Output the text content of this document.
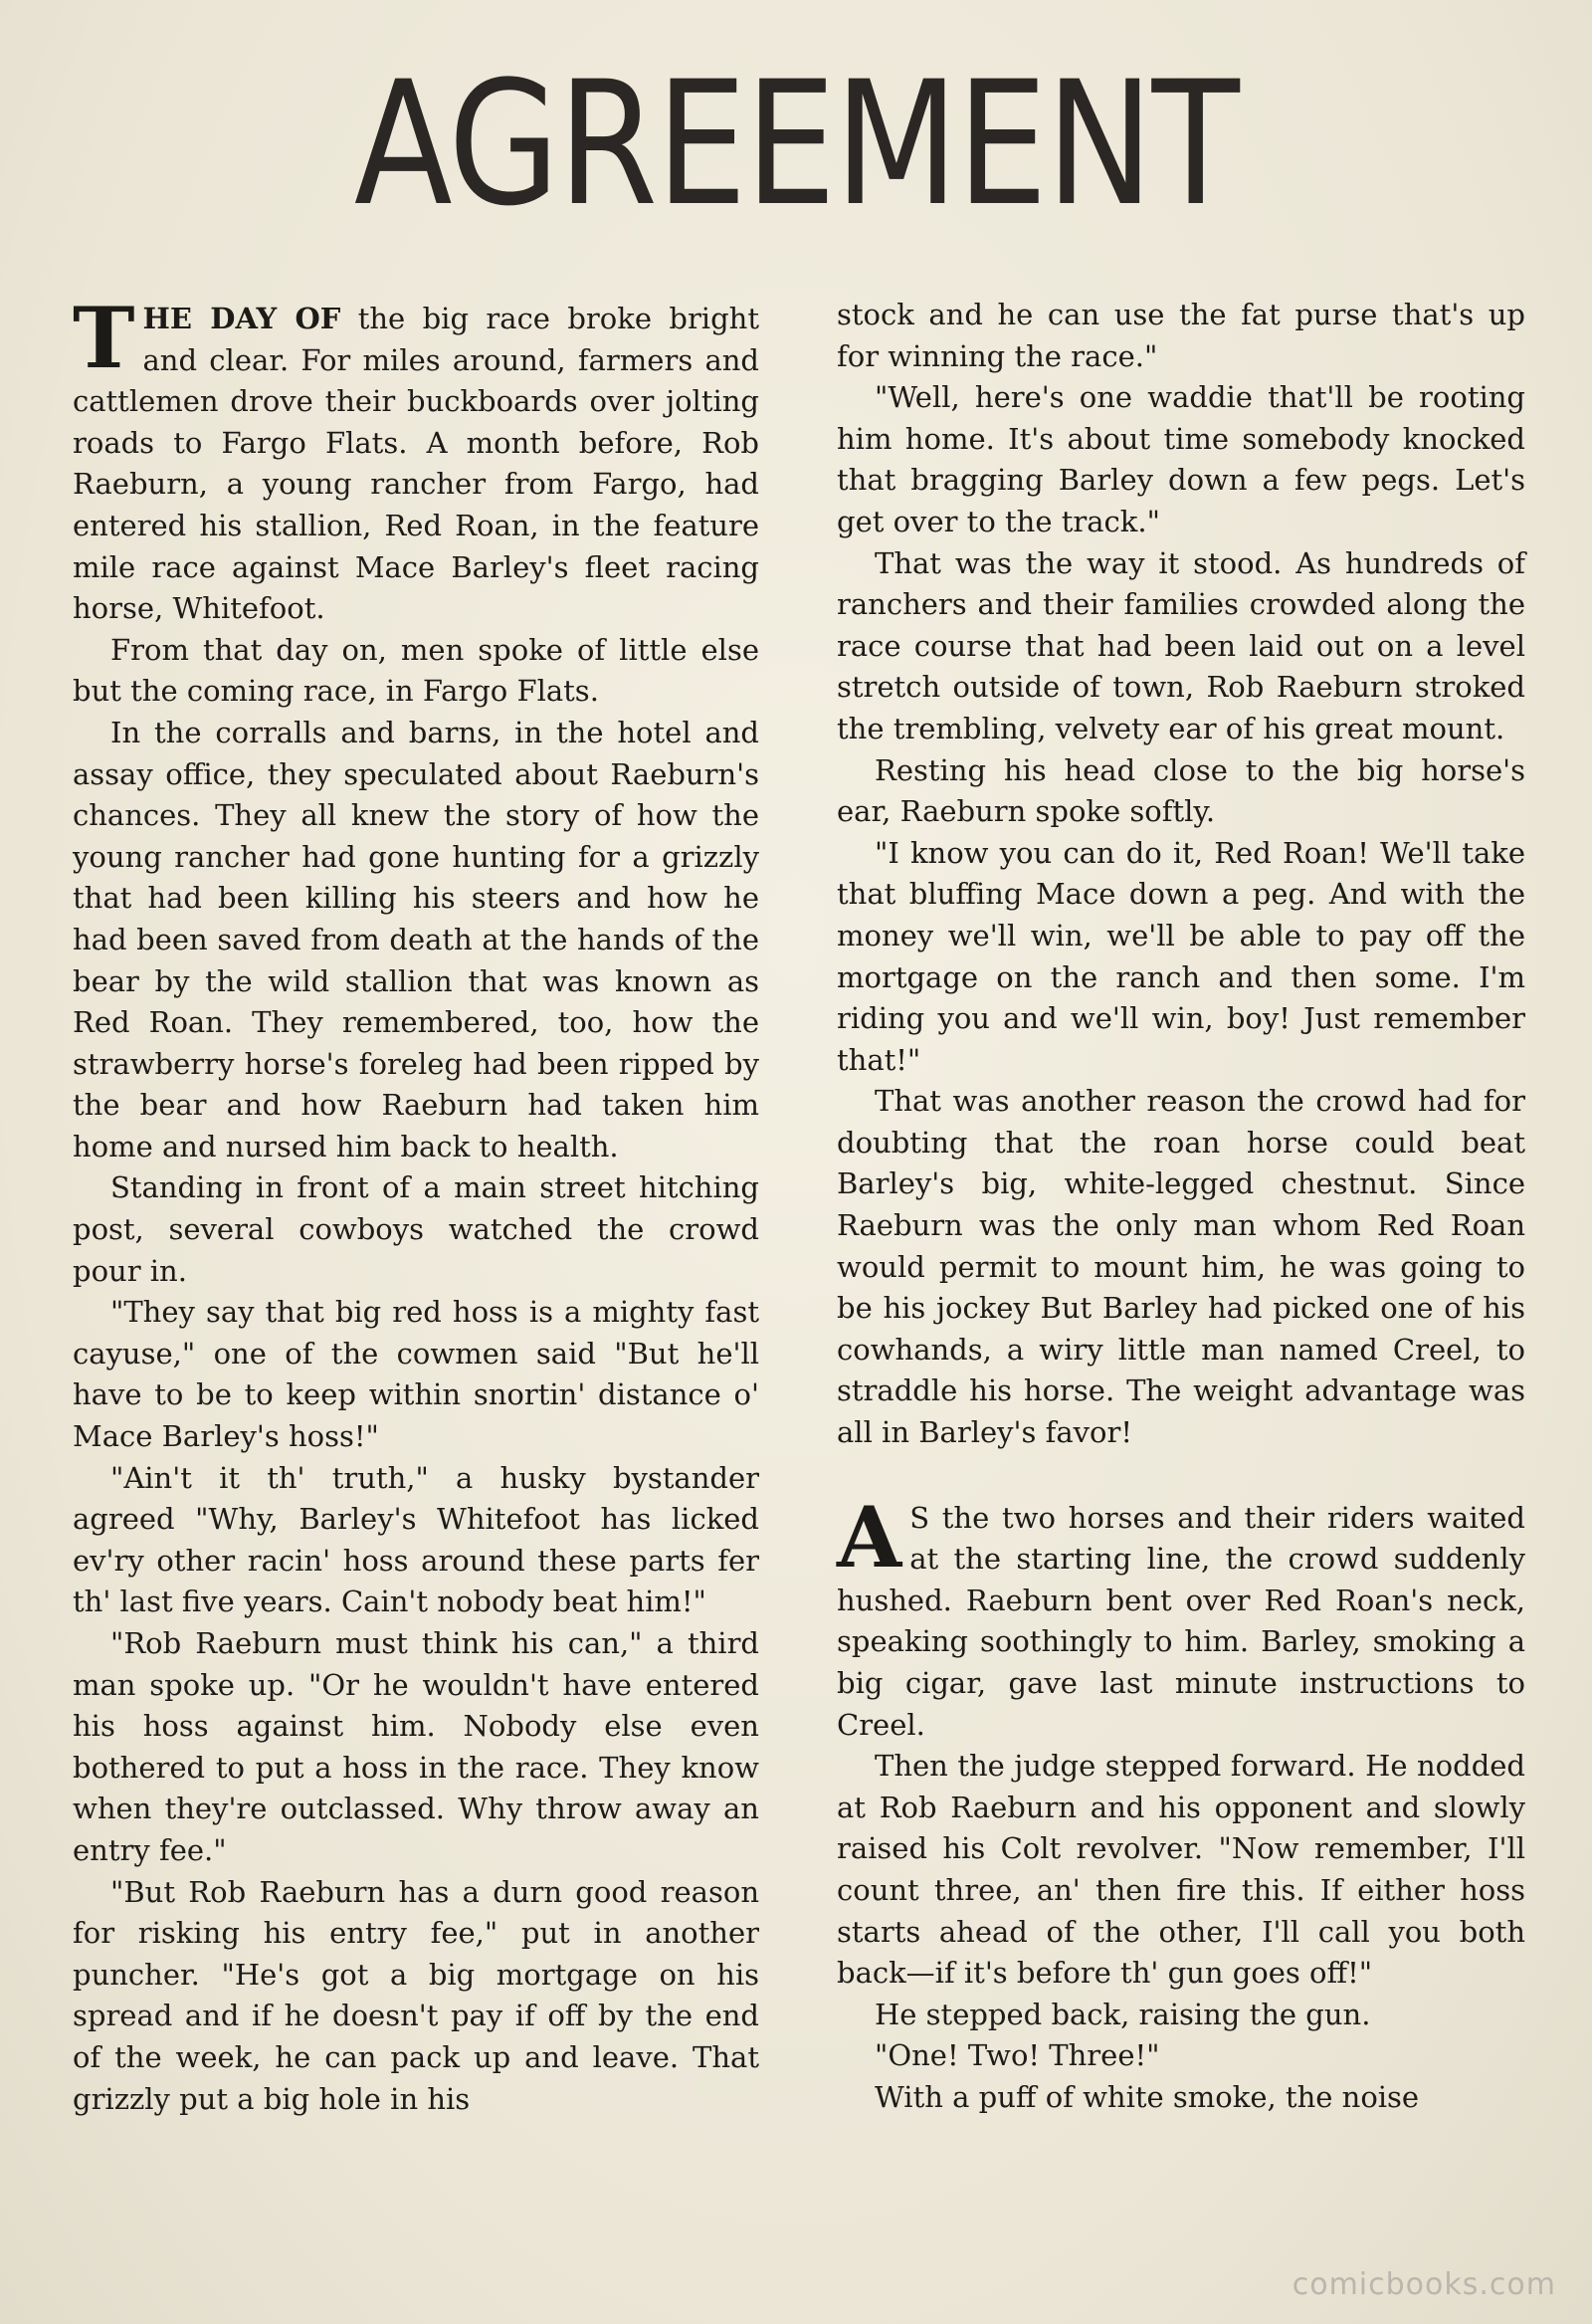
AGREEMENT

THE DAY OF the big race broke bright and clear. For miles around, farmers and cattlemen drove their buckboards over jolting roads to Fargo Flats. A month before, Rob Raeburn, a young rancher from Fargo, had entered his stallion, Red Roan, in the feature mile race against Mace Barley's fleet racing horse, Whitefoot.

From that day on, men spoke of little else but the coming race, in Fargo Flats.

In the corralls and barns, in the hotel and assay office, they speculated about Raeburn's chances. They all knew the story of how the young rancher had gone hunting for a grizzly that had been killing his steers and how he had been saved from death at the hands of the bear by the wild stallion that was known as Red Roan. They remembered, too, how the strawberry horse's foreleg had been ripped by the bear and how Raeburn had taken him home and nursed him back to health.

Standing in front of a main street hitching post, several cowboys watched the crowd pour in.

"They say that big red hoss is a mighty fast cayuse," one of the cowmen said "But he'll have to be to keep within snortin' distance o' Mace Barley's hoss!"

"Ain't it th' truth," a husky bystander agreed "Why, Barley's Whitefoot has licked ev'ry other racin' hoss around these parts fer th' last five years. Cain't nobody beat him!"

"Rob Raeburn must think his can," a third man spoke up. "Or he wouldn't have entered his hoss against him. Nobody else even bothered to put a hoss in the race. They know when they're outclassed. Why throw away an entry fee."

"But Rob Raeburn has a durn good reason for risking his entry fee," put in another puncher. "He's got a big mortgage on his spread and if he doesn't pay if off by the end of the week, he can pack up and leave. That grizzly put a big hole in his

stock and he can use the fat purse that's up for winning the race."

"Well, here's one waddie that'll be rooting him home. It's about time somebody knocked that bragging Barley down a few pegs. Let's get over to the track."

That was the way it stood. As hundreds of ranchers and their families crowded along the race course that had been laid out on a level stretch outside of town, Rob Raeburn stroked the trembling, velvety ear of his great mount.

Resting his head close to the big horse's ear, Raeburn spoke softly.

"I know you can do it, Red Roan! We'll take that bluffing Mace down a peg. And with the money we'll win, we'll be able to pay off the mortgage on the ranch and then some. I'm riding you and we'll win, boy! Just remember that!"

That was another reason the crowd had for doubting that the roan horse could beat Barley's big, white-legged chestnut. Since Raeburn was the only man whom Red Roan would permit to mount him, he was going to be his jockey But Barley had picked one of his cowhands, a wiry little man named Creel, to straddle his horse. The weight advantage was all in Barley's favor!

A S the two horses and their riders waited at the starting line, the crowd suddenly hushed. Raeburn bent over Red Roan's neck, speaking soothingly to him. Barley, smoking a big cigar, gave last minute instructions to Creel.

Then the judge stepped forward. He nodded at Rob Raeburn and his opponent and slowly raised his Colt revolver. "Now remember, I'll count three, an' then fire this. If either hoss starts ahead of the other, I'll call you both back—if it's before th' gun goes off!"

He stepped back, raising the gun.

"One! Two! Three!"

With a puff of white smoke, the noise

comicbooks.com
